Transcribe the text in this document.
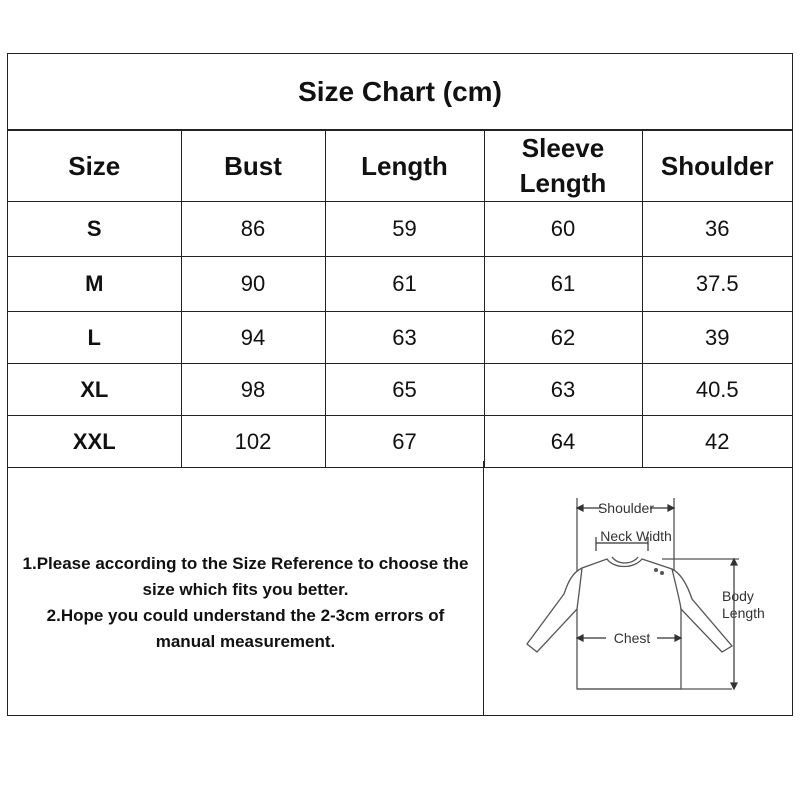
Size Chart (cm)
Size	Bust	Length	Sleeve Length	Shoulder
S	86	59	60	36
M	90	61	61	37.5
L	94	63	62	39
XL	98	65	63	40.5
XXL	102	67	64	42
1.Please according to the Size Reference to choose the size which fits you better.
2.Hope you could understand the 2-3cm errors of manual measurement.
Shoulder
Neck Width
Chest
Body
Length
